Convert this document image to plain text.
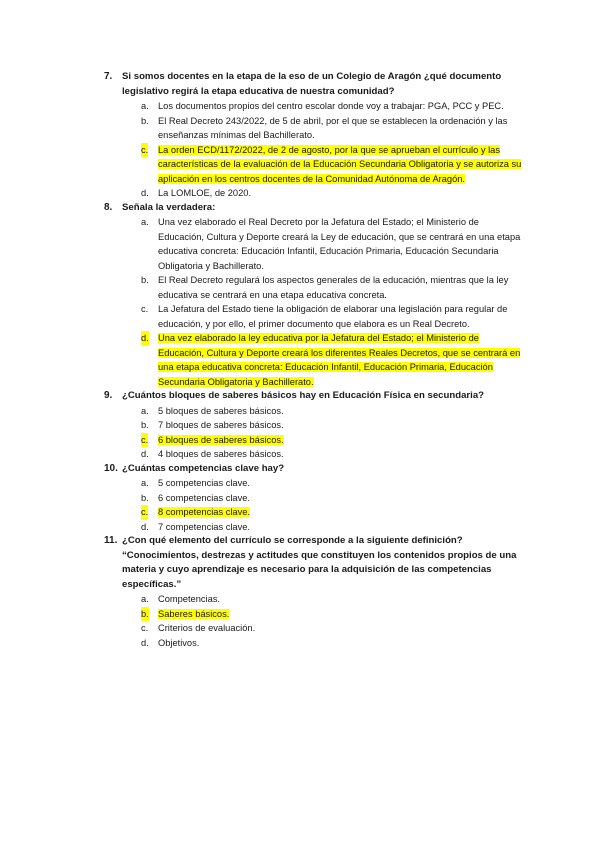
7. Si somos docentes en la etapa de la eso de un Colegio de Aragón ¿qué documento legislativo regirá la etapa educativa de nuestra comunidad?
a. Los documentos propios del centro escolar donde voy a trabajar: PGA, PCC y PEC.
b. El Real Decreto 243/2022, de 5 de abril, por el que se establecen la ordenación y las enseñanzas mínimas del Bachillerato.
c. La orden ECD/1172/2022, de 2 de agosto, por la que se aprueban el currículo y las características de la evaluación de la Educación Secundaria Obligatoria y se autoriza su aplicación en los centros docentes de la Comunidad Autónoma de Aragón.
d. La LOMLOE, de 2020.
8. Señala la verdadera:
a. Una vez elaborado el Real Decreto por la Jefatura del Estado; el Ministerio de Educación, Cultura y Deporte creará la Ley de educación, que se centrará en una etapa educativa concreta: Educación Infantil, Educación Primaria, Educación Secundaria Obligatoria y Bachillerato.
b. El Real Decreto regulará los aspectos generales de la educación, mientras que la ley educativa se centrará en una etapa educativa concreta.
c. La Jefatura del Estado tiene la obligación de elaborar una legislación para regular de educación, y por ello, el primer documento que elabora es un Real Decreto.
d. Una vez elaborado la ley educativa por la Jefatura del Estado; el Ministerio de Educación, Cultura y Deporte creará los diferentes Reales Decretos, que se centrará en una etapa educativa concreta: Educación Infantil, Educación Primaria, Educación Secundaria Obligatoria y Bachillerato.
9. ¿Cuántos bloques de saberes básicos hay en Educación Física en secundaria?
a. 5 bloques de saberes básicos.
b. 7 bloques de saberes básicos.
c. 6 bloques de saberes básicos.
d. 4 bloques de saberes básicos.
10. ¿Cuántas competencias clave hay?
a. 5 competencias clave.
b. 6 competencias clave.
c. 8 competencias clave.
d. 7 competencias clave.
11. ¿Con qué elemento del currículo se corresponde a la siguiente definición? “Conocimientos, destrezas y actitudes que constituyen los contenidos propios de una materia y cuyo aprendizaje es necesario para la adquisición de las competencias específicas.”
a. Competencias.
b. Saberes básicos.
c. Criterios de evaluación.
d. Objetivos.
